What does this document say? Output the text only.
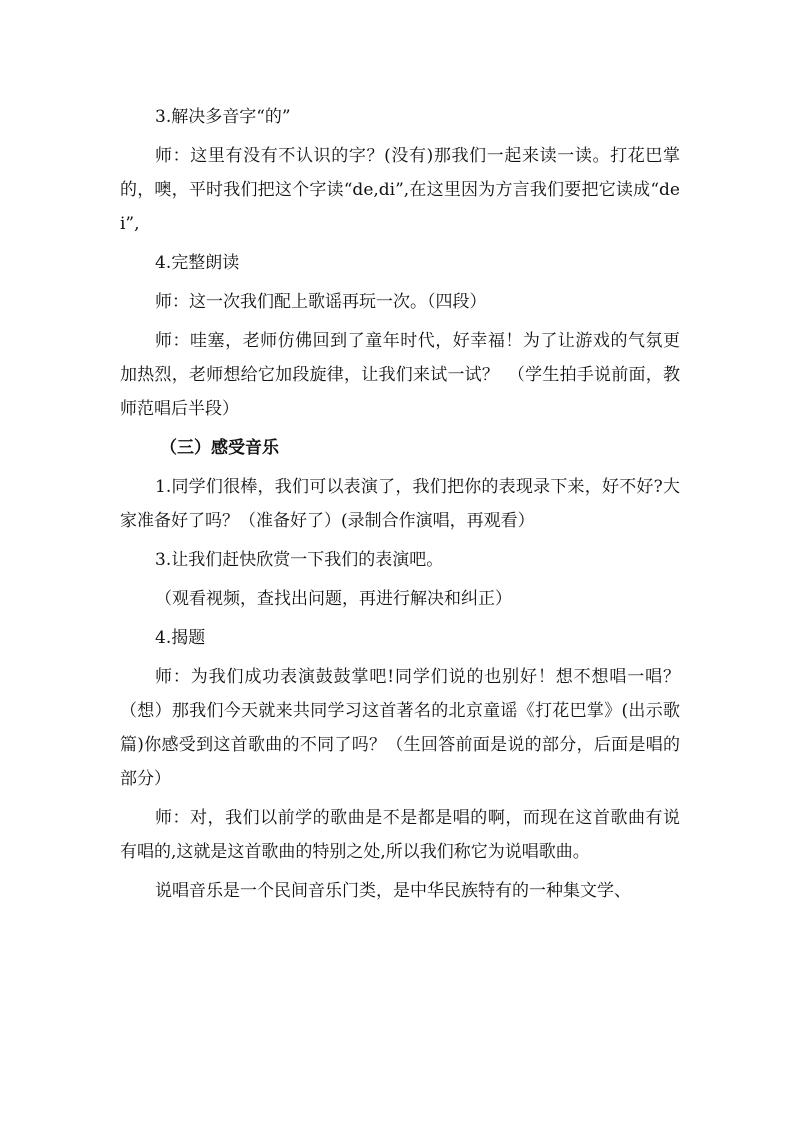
3.解决多音字“的”

师：这里有没有不认识的字？(没有)那我们一起来读一读。打花巴掌的，噢，平时我们把这个字读“de,di”,在这里因为方言我们要把它读成“dei”,

4.完整朗读

师：这一次我们配上歌谣再玩一次。（四段）

师：哇塞，老师仿佛回到了童年时代，好幸福！为了让游戏的气氛更加热烈，老师想给它加段旋律，让我们来试一试？　（学生拍手说前面，教师范唱后半段）

（三）感受音乐

1.同学们很棒，我们可以表演了，我们把你的表现录下来，好不好?大家准备好了吗？（准备好了）(录制合作演唱，再观看）

3.让我们赶快欣赏一下我们的表演吧。

（观看视频，查找出问题，再进行解决和纠正）

4.揭题

师：为我们成功表演鼓鼓掌吧!同学们说的也别好！想不想唱一唱？（想）那我们今天就来共同学习这首著名的北京童谣《打花巴掌》(出示歌篇)你感受到这首歌曲的不同了吗？（生回答前面是说的部分，后面是唱的部分）

师：对，我们以前学的歌曲是不是都是唱的啊，而现在这首歌曲有说有唱的,这就是这首歌曲的特别之处,所以我们称它为说唱歌曲。

说唱音乐是一个民间音乐门类，是中华民族特有的一种集文学、
